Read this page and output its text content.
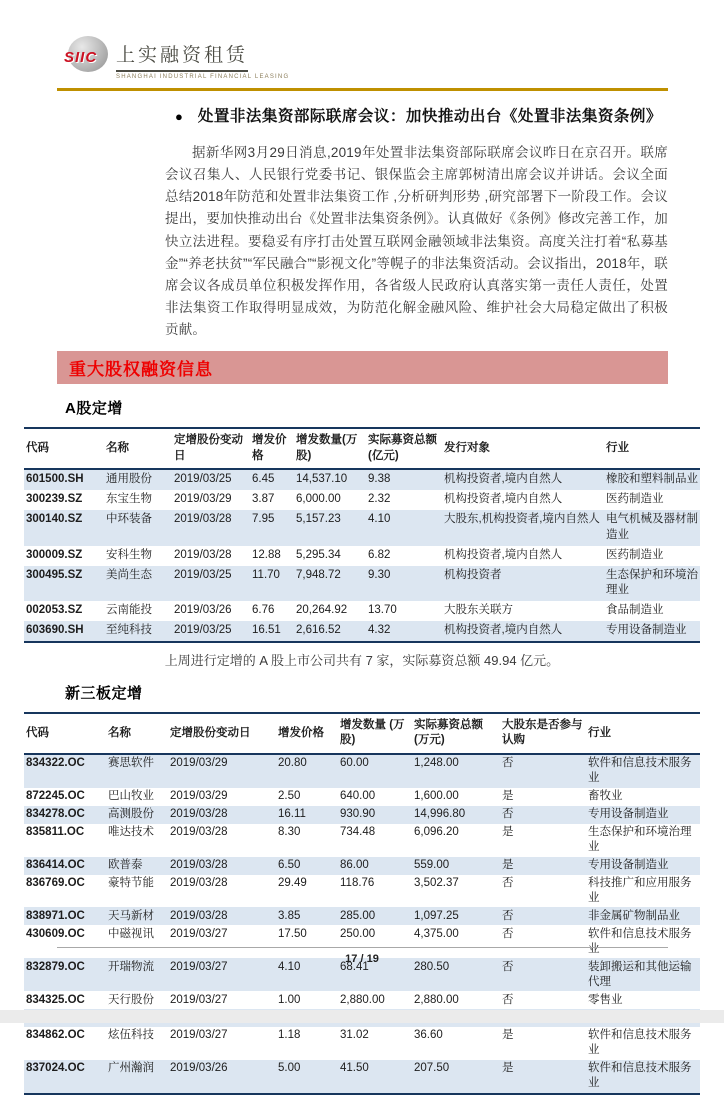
SIIC 上实融资租赁
SHANGHAI INDUSTRIAL FINANCIAL LEASING
● 处置非法集资部际联席会议：加快推动出台《处置非法集资条例》

据新华网3月29日消息,2019年处置非法集资部际联席会议昨日在京召开。联席会议召集人、人民银行党委书记、银保监会主席郭树清出席会议并讲话。会议全面总结2018年防范和处置非法集资工作 ,分析研判形势 ,研究部署下一阶段工作。会议提出，要加快推动出台《处置非法集资条例》。认真做好《条例》修改完善工作，加快立法进程。要稳妥有序打击处置互联网金融领域非法集资。高度关注打着“私募基金”“养老扶贫”“军民融合”“影视文化”等幌子的非法集资活动。会议指出，2018年，联席会议各成员单位积极发挥作用，各省级人民政府认真落实第一责任人责任，处置非法集资工作取得明显成效，为防范化解金融风险、维护社会大局稳定做出了积极贡献。

重大股权融资信息
A股定增
代码	名称	定增股份变动日	增发价格	增发数量(万股)	实际募资总额(亿元)	发行对象	行业
601500.SH	通用股份	2019/03/25	6.45	14,537.10	9.38	机构投资者,境内自然人	橡胶和塑料制品业
300239.SZ	东宝生物	2019/03/29	3.87	6,000.00	2.32	机构投资者,境内自然人	医药制造业
300140.SZ	中环装备	2019/03/28	7.95	5,157.23	4.10	大股东,机构投资者,境内自然人	电气机械及器材制造业
300009.SZ	安科生物	2019/03/28	12.88	5,295.34	6.82	机构投资者,境内自然人	医药制造业
300495.SZ	美尚生态	2019/03/25	11.70	7,948.72	9.30	机构投资者	生态保护和环境治理业
002053.SZ	云南能投	2019/03/26	6.76	20,264.92	13.70	大股东关联方	食品制造业
603690.SH	至纯科技	2019/03/25	16.51	2,616.52	4.32	机构投资者,境内自然人	专用设备制造业

上周进行定增的 A 股上市公司共有 7 家，实际募资总额 49.94 亿元。

新三板定增
代码	名称	定增股份变动日	增发价格	增发数量 (万股)	实际募资总额(万元)	大股东是否参与认购	行业
834322.OC	赛思软件	2019/03/29	20.80	60.00	1,248.00	否	软件和信息技术服务业
872245.OC	巴山牧业	2019/03/29	2.50	640.00	1,600.00	是	畜牧业
834278.OC	高测股份	2019/03/28	16.11	930.90	14,996.80	否	专用设备制造业
835811.OC	唯达技术	2019/03/28	8.30	734.48	6,096.20	是	生态保护和环境治理业
836414.OC	欧普泰	2019/03/28	6.50	86.00	559.00	是	专用设备制造业
836769.OC	豪特节能	2019/03/28	29.49	118.76	3,502.37	否	科技推广和应用服务业
838971.OC	天马新材	2019/03/28	3.85	285.00	1,097.25	否	非金属矿物制品业
430609.OC	中磁视讯	2019/03/27	17.50	250.00	4,375.00	否	软件和信息技术服务业
832879.OC	开瑞物流	2019/03/27	4.10	68.41	280.50	否	装卸搬运和其他运输代理
834325.OC	天行股份	2019/03/27	1.00	2,880.00	2,880.00	否	零售业

834862.OC	炫伍科技	2019/03/27	1.18	31.02	36.60	是	软件和信息技术服务业
837024.OC	广州瀚润	2019/03/26	5.00	41.50	207.50	是	软件和信息技术服务业
17 / 19
